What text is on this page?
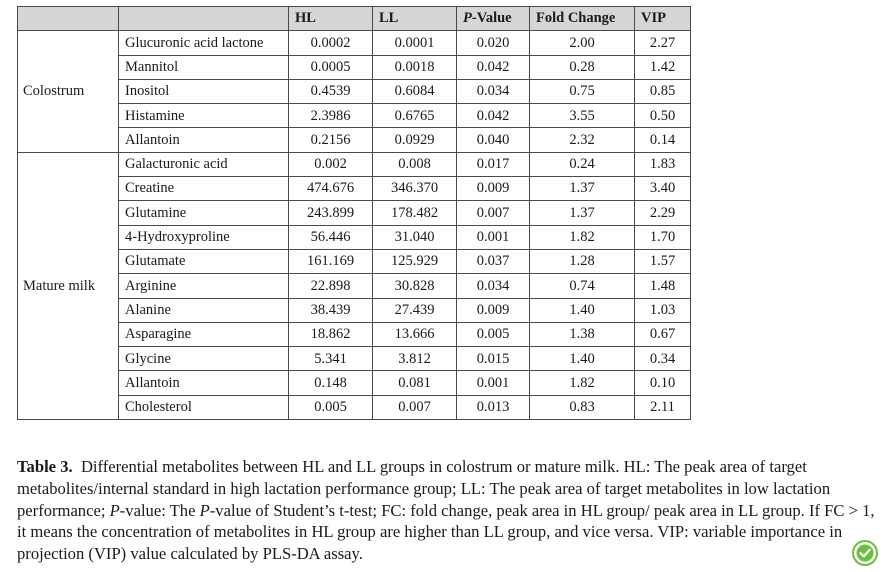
		HL	LL	P-Value	Fold Change	VIP
Colostrum	Glucuronic acid lactone	0.0002	0.0001	0.020	2.00	2.27
	Mannitol	0.0005	0.0018	0.042	0.28	1.42
	Inositol	0.4539	0.6084	0.034	0.75	0.85
	Histamine	2.3986	0.6765	0.042	3.55	0.50
	Allantoin	0.2156	0.0929	0.040	2.32	0.14
Mature milk	Galacturonic acid	0.002	0.008	0.017	0.24	1.83
	Creatine	474.676	346.370	0.009	1.37	3.40
	Glutamine	243.899	178.482	0.007	1.37	2.29
	4-Hydroxyproline	56.446	31.040	0.001	1.82	1.70
	Glutamate	161.169	125.929	0.037	1.28	1.57
	Arginine	22.898	30.828	0.034	0.74	1.48
	Alanine	38.439	27.439	0.009	1.40	1.03
	Asparagine	18.862	13.666	0.005	1.38	0.67
	Glycine	5.341	3.812	0.015	1.40	0.34
	Allantoin	0.148	0.081	0.001	1.82	0.10
	Cholesterol	0.005	0.007	0.013	0.83	2.11

Table 3. Differential metabolites between HL and LL groups in colostrum or mature milk. HL: The peak area of target metabolites/internal standard in high lactation performance group; LL: The peak area of target metabolites in low lactation performance; P-value: The P-value of Student’s t-test; FC: fold change, peak area in HL group/ peak area in LL group. If FC > 1, it means the concentration of metabolites in HL group are higher than LL group, and vice versa. VIP: variable importance in projection (VIP) value calculated by PLS-DA assay.
